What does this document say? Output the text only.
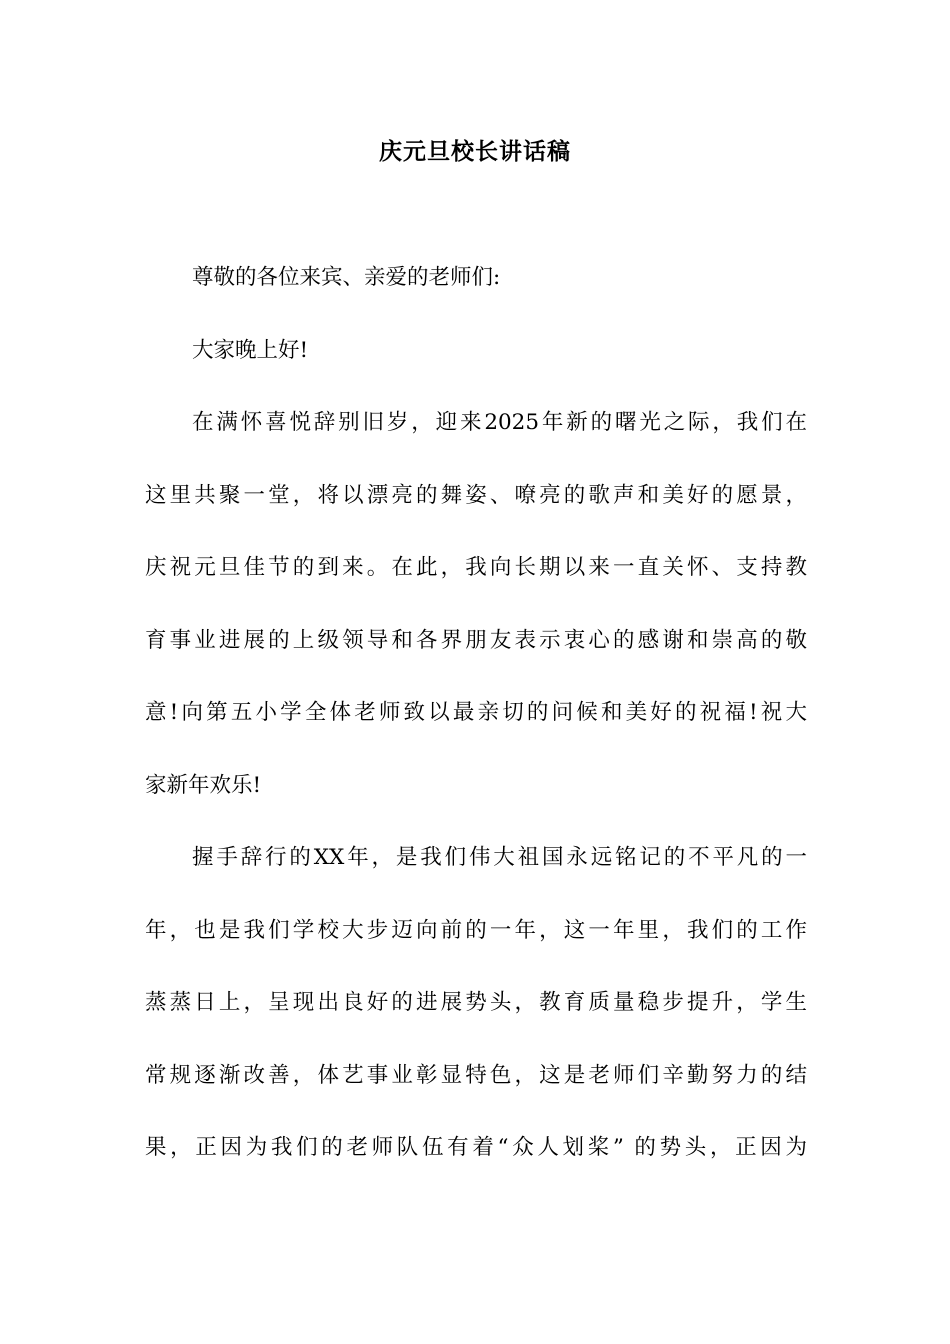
庆元旦校长讲话稿
尊敬的各位来宾、亲爱的老师们:
大家晚上好!
在满怀喜悦辞别旧岁，迎来2025年新的曙光之际，我们在
这里共聚一堂，将以漂亮的舞姿、嘹亮的歌声和美好的愿景，
庆祝元旦佳节的到来。在此，我向长期以来一直关怀、支持教
育事业进展的上级领导和各界朋友表示衷心的感谢和崇高的敬
意!向第五小学全体老师致以最亲切的问候和美好的祝福!祝大
家新年欢乐!
握手辞行的XX年，是我们伟大祖国永远铭记的不平凡的一
年，也是我们学校大步迈向前的一年，这一年里，我们的工作
蒸蒸日上，呈现出良好的进展势头，教育质量稳步提升，学生
常规逐渐改善，体艺事业彰显特色，这是老师们辛勤努力的结
果，正因为我们的老师队伍有着“众人划桨” 的势头，正因为
